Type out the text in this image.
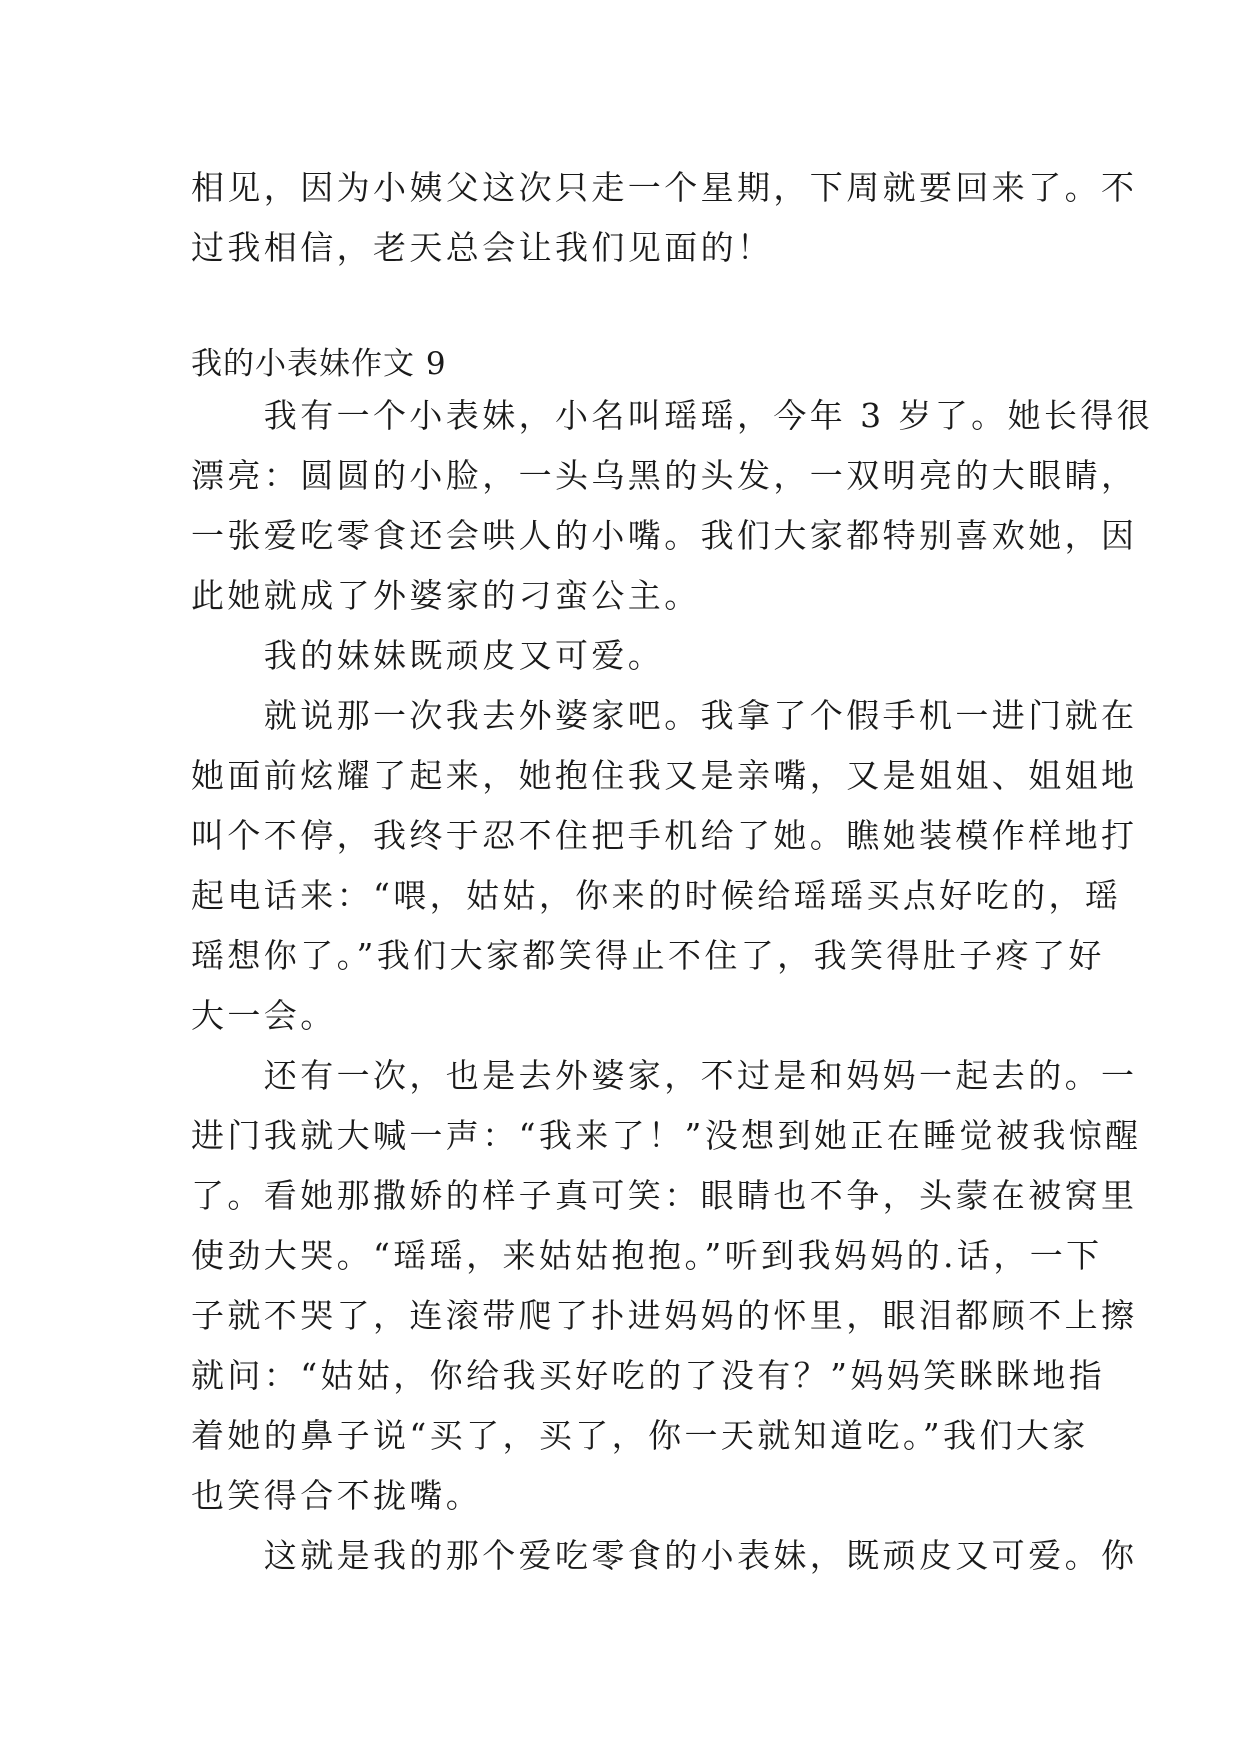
相见，因为小姨父这次只走一个星期，下周就要回来了。不
过我相信，老天总会让我们见面的！
我的小表妹作文 9
　　我有一个小表妹，小名叫瑶瑶，今年 3 岁了。她长得很
漂亮：圆圆的小脸，一头乌黑的头发，一双明亮的大眼睛，
一张爱吃零食还会哄人的小嘴。我们大家都特别喜欢她，因
此她就成了外婆家的刁蛮公主。
　　我的妹妹既顽皮又可爱。
　　就说那一次我去外婆家吧。我拿了个假手机一进门就在
她面前炫耀了起来，她抱住我又是亲嘴，又是姐姐、姐姐地
叫个不停，我终于忍不住把手机给了她。瞧她装模作样地打
起电话来：“喂，姑姑，你来的时候给瑶瑶买点好吃的，瑶
瑶想你了。”我们大家都笑得止不住了，我笑得肚子疼了好
大一会。
　　还有一次，也是去外婆家，不过是和妈妈一起去的。一
进门我就大喊一声：“我来了！”没想到她正在睡觉被我惊醒
了。看她那撒娇的样子真可笑：眼睛也不争，头蒙在被窝里
使劲大哭。“瑶瑶，来姑姑抱抱。”听到我妈妈的.话，一下
子就不哭了，连滚带爬了扑进妈妈的怀里，眼泪都顾不上擦
就问：“姑姑，你给我买好吃的了没有？”妈妈笑眯眯地指
着她的鼻子说“买了，买了，你一天就知道吃。”我们大家
也笑得合不拢嘴。
　　这就是我的那个爱吃零食的小表妹，既顽皮又可爱。你
